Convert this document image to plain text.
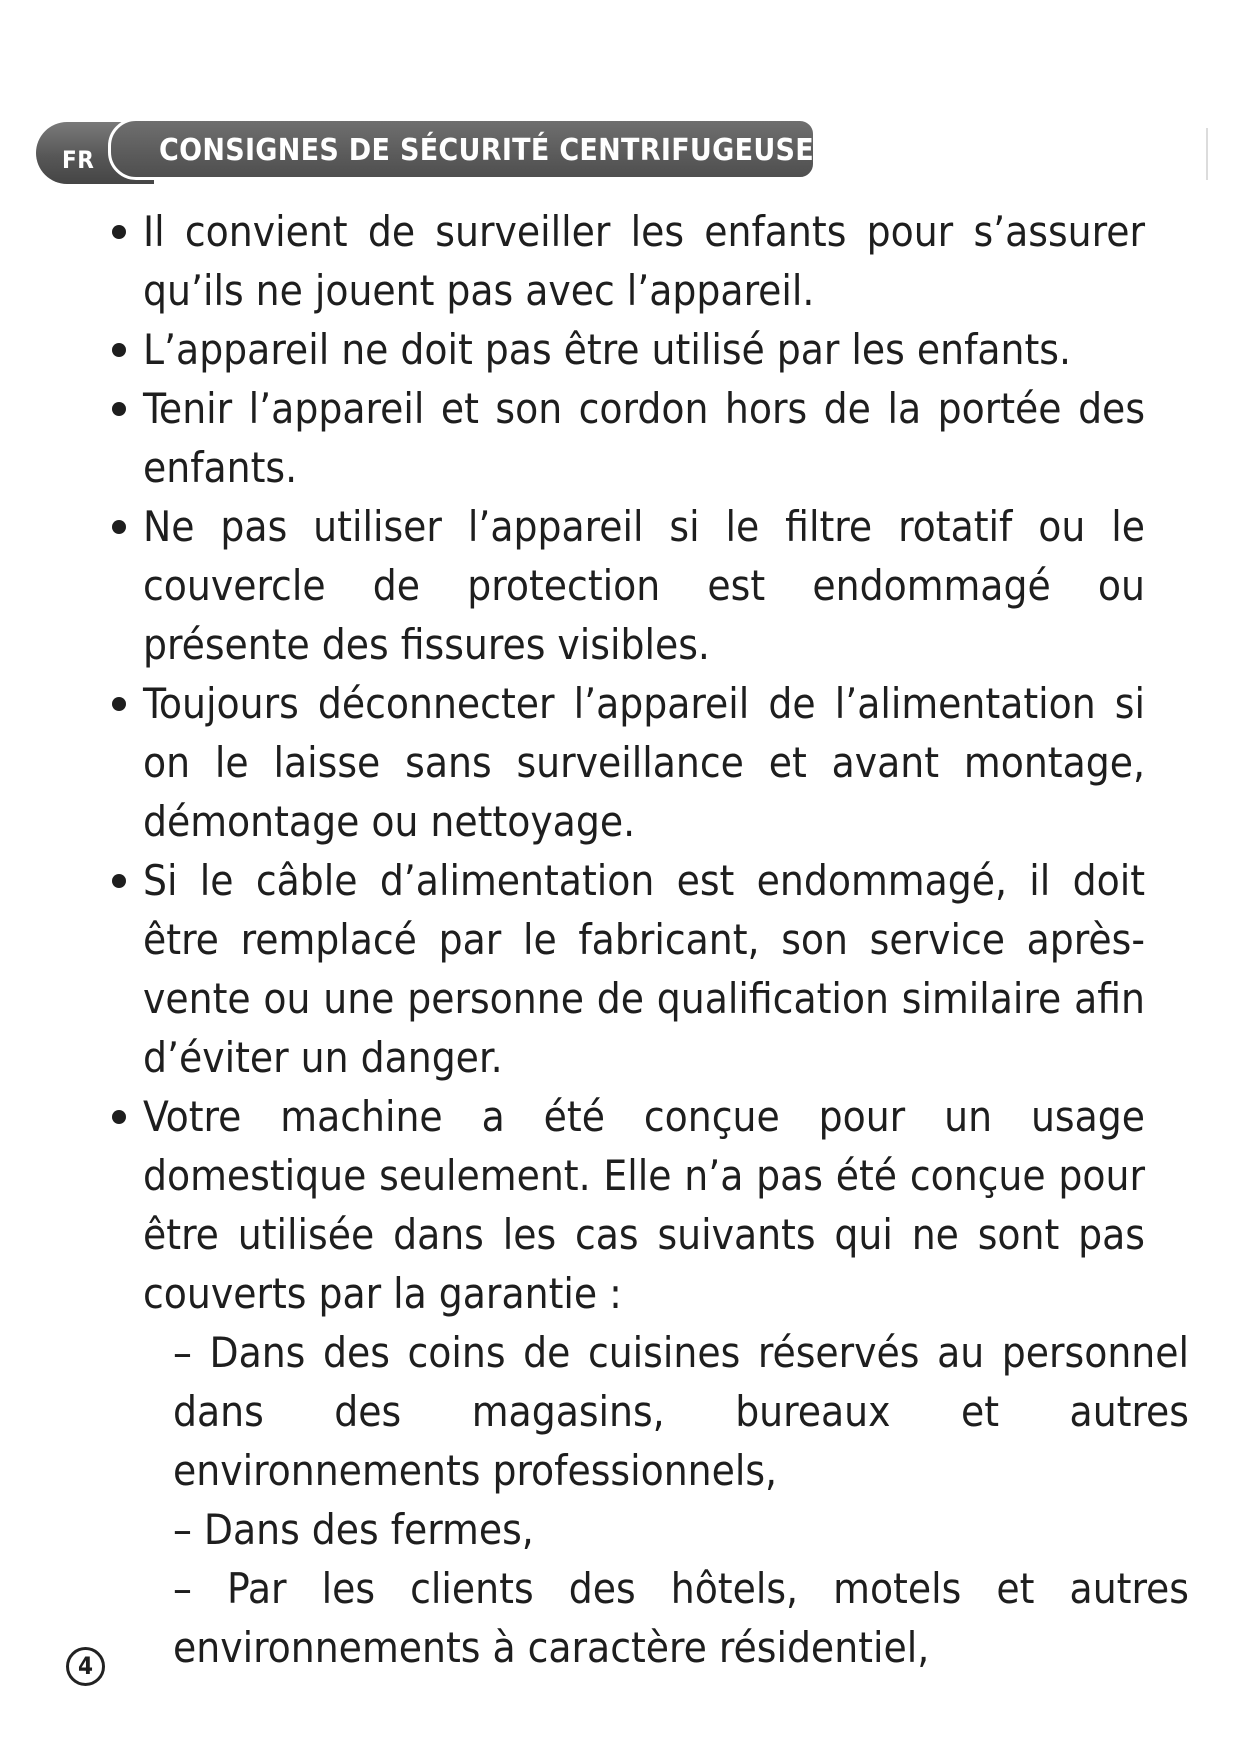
FR CONSIGNES DE SÉCURITÉ CENTRIFUGEUSE
Il convient de surveiller les enfants pour s’assurer qu’ils ne jouent pas avec l’appareil.
L’appareil ne doit pas être utilisé par les enfants.
Tenir l’appareil et son cordon hors de la portée des enfants.
Ne pas utiliser l’appareil si le filtre rotatif ou le couvercle de protection est endommagé ou présente des fissures visibles.
Toujours déconnecter l’appareil de l’alimentation si on le laisse sans surveillance et avant montage, démontage ou nettoyage.
Si le câble d’alimentation est endommagé, il doit être remplacé par le fabricant, son service après-vente ou une personne de qualification similaire afin d’éviter un danger.
Votre machine a été conçue pour un usage domestique seulement. Elle n’a pas été conçue pour être utilisée dans les cas suivants qui ne sont pas couverts par la garantie :
– Dans des coins de cuisines réservés au personnel dans des magasins, bureaux et autres environnements professionnels,
– Dans des fermes,
– Par les clients des hôtels, motels et autres environnements à caractère résidentiel,
4
